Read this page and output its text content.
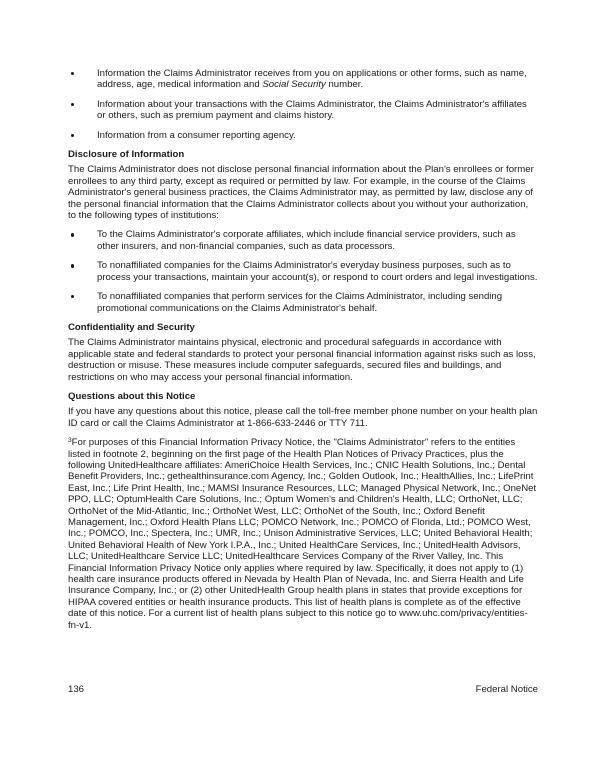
Information the Claims Administrator receives from you on applications or other forms, such as name, address, age, medical information and Social Security number.
Information about your transactions with the Claims Administrator, the Claims Administrator's affiliates or others, such as premium payment and claims history.
Information from a consumer reporting agency.
Disclosure of Information

The Claims Administrator does not disclose personal financial information about the Plan's enrollees or former enrollees to any third party, except as required or permitted by law. For example, in the course of the Claims Administrator's general business practices, the Claims Administrator may, as permitted by law, disclose any of the personal financial information that the Claims Administrator collects about you without your authorization, to the following types of institutions:

To the Claims Administrator's corporate affiliates, which include financial service providers, such as other insurers, and non-financial companies, such as data processors.
To nonaffiliated companies for the Claims Administrator's everyday business purposes, such as to process your transactions, maintain your account(s), or respond to court orders and legal investigations.
To nonaffiliated companies that perform services for the Claims Administrator, including sending promotional communications on the Claims Administrator's behalf.
Confidentiality and Security

The Claims Administrator maintains physical, electronic and procedural safeguards in accordance with applicable state and federal standards to protect your personal financial information against risks such as loss, destruction or misuse. These measures include computer safeguards, secured files and buildings, and restrictions on who may access your personal financial information.

Questions about this Notice

If you have any questions about this notice, please call the toll-free member phone number on your health plan ID card or call the Claims Administrator at 1-866-633-2446 or TTY 711.

$^3$For purposes of this Financial Information Privacy Notice, the "Claims Administrator" refers to the entities listed in footnote 2, beginning on the first page of the Health Plan Notices of Privacy Practices, plus the following UnitedHealthcare affiliates: AmeriChoice Health Services, Inc.; CNIC Health Solutions, Inc.; Dental Benefit Providers, Inc.; gethealthinsurance.com Agency, Inc.; Golden Outlook, Inc.; HealthAllies, Inc.; LifePrint East, Inc.; Life Print Health, Inc.; MAMSI Insurance Resources, LLC; Managed Physical Network, Inc.; OneNet PPO, LLC; OptumHealth Care Solutions, Inc.; Optum Women's and Children's Health, LLC; OrthoNet, LLC; OrthoNet of the Mid-Atlantic, Inc.; OrthoNet West, LLC; OrthoNet of the South, Inc.; Oxford Benefit Management, Inc.; Oxford Health Plans LLC; POMCO Network, Inc.; POMCO of Florida, Ltd.; POMCO West, Inc.; POMCO, Inc.; Spectera, Inc.; UMR, Inc.; Unison Administrative Services, LLC; United Behavioral Health; United Behavioral Health of New York I.P.A., Inc.; United HealthCare Services, Inc.; UnitedHealth Advisors, LLC; UnitedHealthcare Service LLC; UnitedHealthcare Services Company of the River Valley, Inc. This Financial Information Privacy Notice only applies where required by law. Specifically, it does not apply to (1) health care insurance products offered in Nevada by Health Plan of Nevada, Inc. and Sierra Health and Life Insurance Company, Inc.; or (2) other UnitedHealth Group health plans in states that provide exceptions for HIPAA covered entities or health insurance products. This list of health plans is complete as of the effective date of this notice. For a current list of health plans subject to this notice go to www.uhc.com/privacy/entities-fn-v1.

136	Federal Notice
